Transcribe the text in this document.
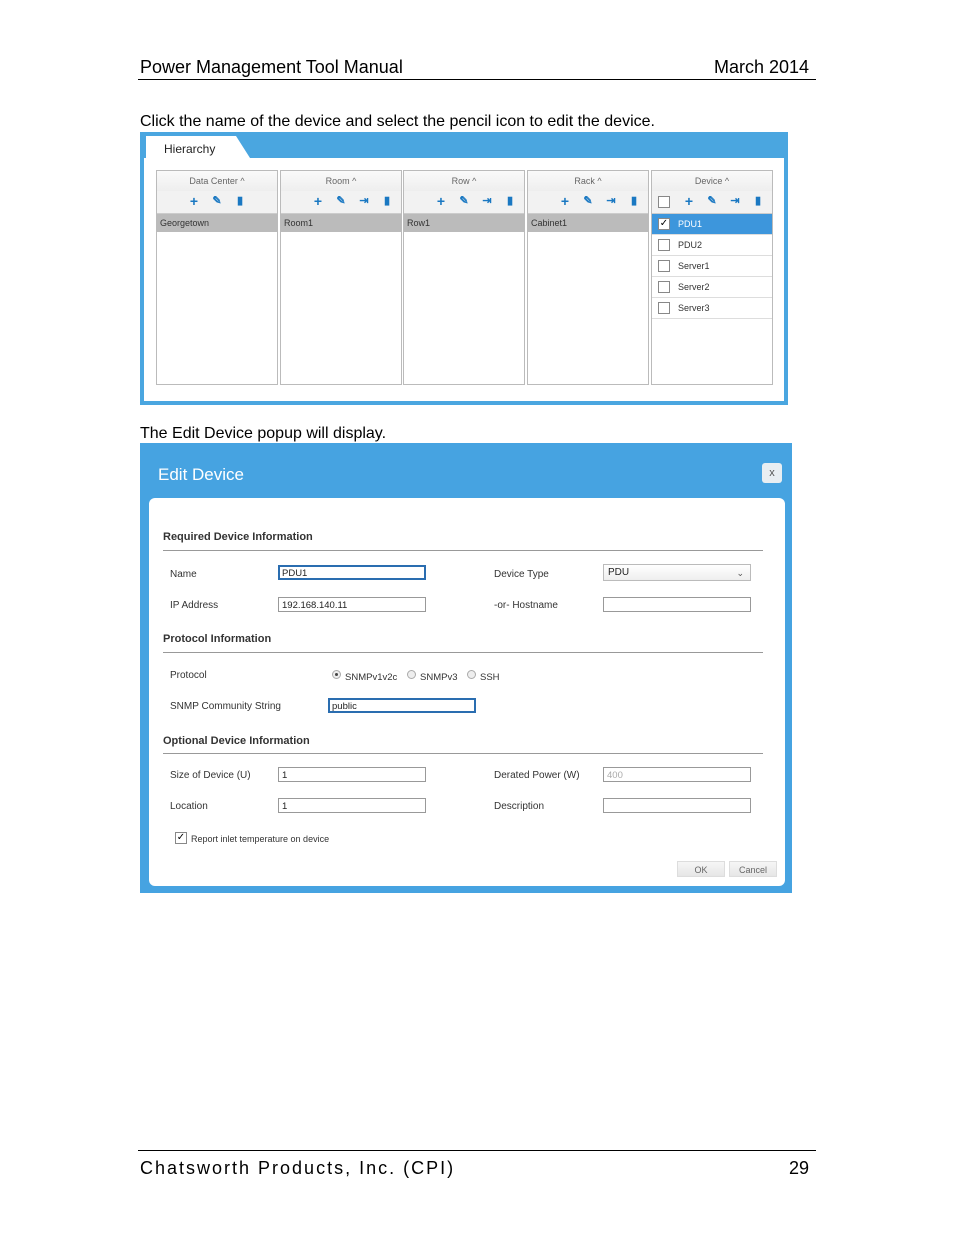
Power Management Tool Manual	March 2014
Click the name of the device and select the pencil icon to edit the device.
Hierarchy
Data Center ^
+ ✎	▮
Georgetown
Room ^
+ ✎ ⇥	▮
Room1
Row ^
+ ✎ ⇥	▮
Row1
Rack ^
+ ✎ ⇥	▮
Cabinet1
Device ^
+ ✎ ⇥	▮
✓ PDU1
PDU2
Server1
Server2
Server3
The Edit Device popup will display.
Edit Device	x
Required Device Information
Name	PDU1	Device Type	PDU	⌄
IP Address	192.168.140.11	-or- Hostname
Protocol Information
Protocol	SNMPv1v2c SNMPv3 SSH
SNMP Community String	public
Optional Device Information
Size of Device (U)	1	Derated Power (W)	400
Location	1	Description
✓ Report inlet temperature on device
OK	Cancel
Chatsworth Products, Inc. (CPI)	29
